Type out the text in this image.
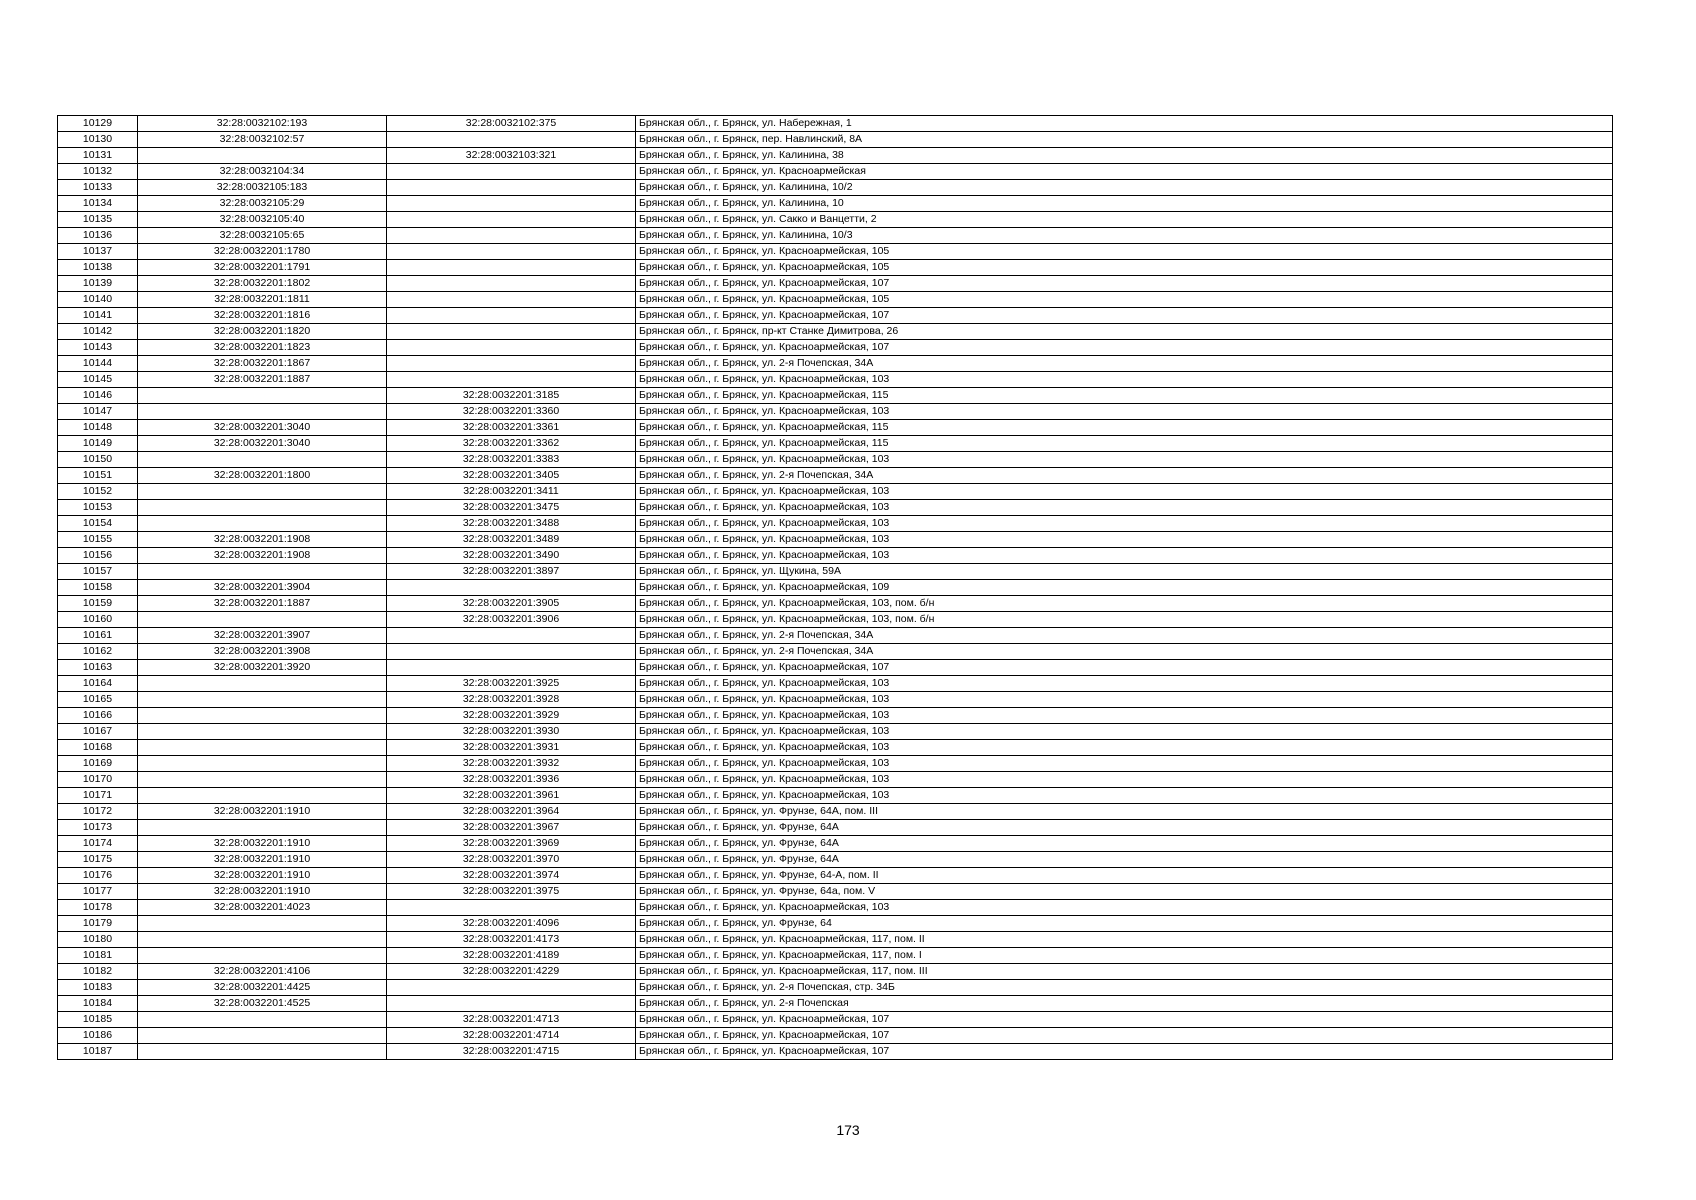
10129	32:28:0032102:193	32:28:0032102:375	Брянская обл., г. Брянск, ул. Набережная, 1
10130	32:28:0032102:57		Брянская обл., г. Брянск, пер. Навлинский, 8А
10131		32:28:0032103:321	Брянская обл., г. Брянск, ул. Калинина, 38
10132	32:28:0032104:34		Брянская обл., г. Брянск, ул. Красноармейская
10133	32:28:0032105:183		Брянская обл., г. Брянск, ул. Калинина, 10/2
10134	32:28:0032105:29		Брянская обл., г. Брянск, ул. Калинина, 10
10135	32:28:0032105:40		Брянская обл., г. Брянск, ул. Сакко и Ванцетти, 2
10136	32:28:0032105:65		Брянская обл., г. Брянск, ул. Калинина, 10/3
10137	32:28:0032201:1780		Брянская обл., г. Брянск, ул. Красноармейская, 105
10138	32:28:0032201:1791		Брянская обл., г. Брянск, ул. Красноармейская, 105
10139	32:28:0032201:1802		Брянская обл., г. Брянск, ул. Красноармейская, 107
10140	32:28:0032201:1811		Брянская обл., г. Брянск, ул. Красноармейская, 105
10141	32:28:0032201:1816		Брянская обл., г. Брянск, ул. Красноармейская, 107
10142	32:28:0032201:1820		Брянская обл., г. Брянск, пр-кт Станке Димитрова, 26
10143	32:28:0032201:1823		Брянская обл., г. Брянск, ул. Красноармейская, 107
10144	32:28:0032201:1867		Брянская обл., г. Брянск, ул. 2-я Почепская, 34А
10145	32:28:0032201:1887		Брянская обл., г. Брянск, ул. Красноармейская, 103
10146		32:28:0032201:3185	Брянская обл., г. Брянск, ул. Красноармейская, 115
10147		32:28:0032201:3360	Брянская обл., г. Брянск, ул. Красноармейская, 103
10148	32:28:0032201:3040	32:28:0032201:3361	Брянская обл., г. Брянск, ул. Красноармейская, 115
10149	32:28:0032201:3040	32:28:0032201:3362	Брянская обл., г. Брянск, ул. Красноармейская, 115
10150		32:28:0032201:3383	Брянская обл., г. Брянск, ул. Красноармейская, 103
10151	32:28:0032201:1800	32:28:0032201:3405	Брянская обл., г. Брянск, ул. 2-я Почепская, 34А
10152		32:28:0032201:3411	Брянская обл., г. Брянск, ул. Красноармейская, 103
10153		32:28:0032201:3475	Брянская обл., г. Брянск, ул. Красноармейская, 103
10154		32:28:0032201:3488	Брянская обл., г. Брянск, ул. Красноармейская, 103
10155	32:28:0032201:1908	32:28:0032201:3489	Брянская обл., г. Брянск, ул. Красноармейская, 103
10156	32:28:0032201:1908	32:28:0032201:3490	Брянская обл., г. Брянск, ул. Красноармейская, 103
10157		32:28:0032201:3897	Брянская обл., г. Брянск, ул. Щукина, 59А
10158	32:28:0032201:3904		Брянская обл., г. Брянск, ул. Красноармейская, 109
10159	32:28:0032201:1887	32:28:0032201:3905	Брянская обл., г. Брянск, ул. Красноармейская, 103, пом. б/н
10160		32:28:0032201:3906	Брянская обл., г. Брянск, ул. Красноармейская, 103, пом. б/н
10161	32:28:0032201:3907		Брянская обл., г. Брянск, ул. 2-я Почепская, 34А
10162	32:28:0032201:3908		Брянская обл., г. Брянск, ул. 2-я Почепская, 34А
10163	32:28:0032201:3920		Брянская обл., г. Брянск, ул. Красноармейская, 107
10164		32:28:0032201:3925	Брянская обл., г. Брянск, ул. Красноармейская, 103
10165		32:28:0032201:3928	Брянская обл., г. Брянск, ул. Красноармейская, 103
10166		32:28:0032201:3929	Брянская обл., г. Брянск, ул. Красноармейская, 103
10167		32:28:0032201:3930	Брянская обл., г. Брянск, ул. Красноармейская, 103
10168		32:28:0032201:3931	Брянская обл., г. Брянск, ул. Красноармейская, 103
10169		32:28:0032201:3932	Брянская обл., г. Брянск, ул. Красноармейская, 103
10170		32:28:0032201:3936	Брянская обл., г. Брянск, ул. Красноармейская, 103
10171		32:28:0032201:3961	Брянская обл., г. Брянск, ул. Красноармейская, 103
10172	32:28:0032201:1910	32:28:0032201:3964	Брянская обл., г. Брянск, ул. Фрунзе, 64А, пом. III
10173		32:28:0032201:3967	Брянская обл., г. Брянск, ул. Фрунзе, 64А
10174	32:28:0032201:1910	32:28:0032201:3969	Брянская обл., г. Брянск, ул. Фрунзе, 64А
10175	32:28:0032201:1910	32:28:0032201:3970	Брянская обл., г. Брянск, ул. Фрунзе, 64А
10176	32:28:0032201:1910	32:28:0032201:3974	Брянская обл., г. Брянск, ул. Фрунзе, 64-А, пом. II
10177	32:28:0032201:1910	32:28:0032201:3975	Брянская обл., г. Брянск, ул. Фрунзе, 64а, пом. V
10178	32:28:0032201:4023		Брянская обл., г. Брянск, ул. Красноармейская, 103
10179		32:28:0032201:4096	Брянская обл., г. Брянск, ул. Фрунзе, 64
10180		32:28:0032201:4173	Брянская обл., г. Брянск, ул. Красноармейская, 117, пом. II
10181		32:28:0032201:4189	Брянская обл., г. Брянск, ул. Красноармейская, 117, пом. I
10182	32:28:0032201:4106	32:28:0032201:4229	Брянская обл., г. Брянск, ул. Красноармейская, 117, пом. III
10183	32:28:0032201:4425		Брянская обл., г. Брянск, ул. 2-я Почепская, стр. 34Б
10184	32:28:0032201:4525		Брянская обл., г. Брянск, ул. 2-я Почепская
10185		32:28:0032201:4713	Брянская обл., г. Брянск, ул. Красноармейская, 107
10186		32:28:0032201:4714	Брянская обл., г. Брянск, ул. Красноармейская, 107
10187		32:28:0032201:4715	Брянская обл., г. Брянск, ул. Красноармейская, 107
173
